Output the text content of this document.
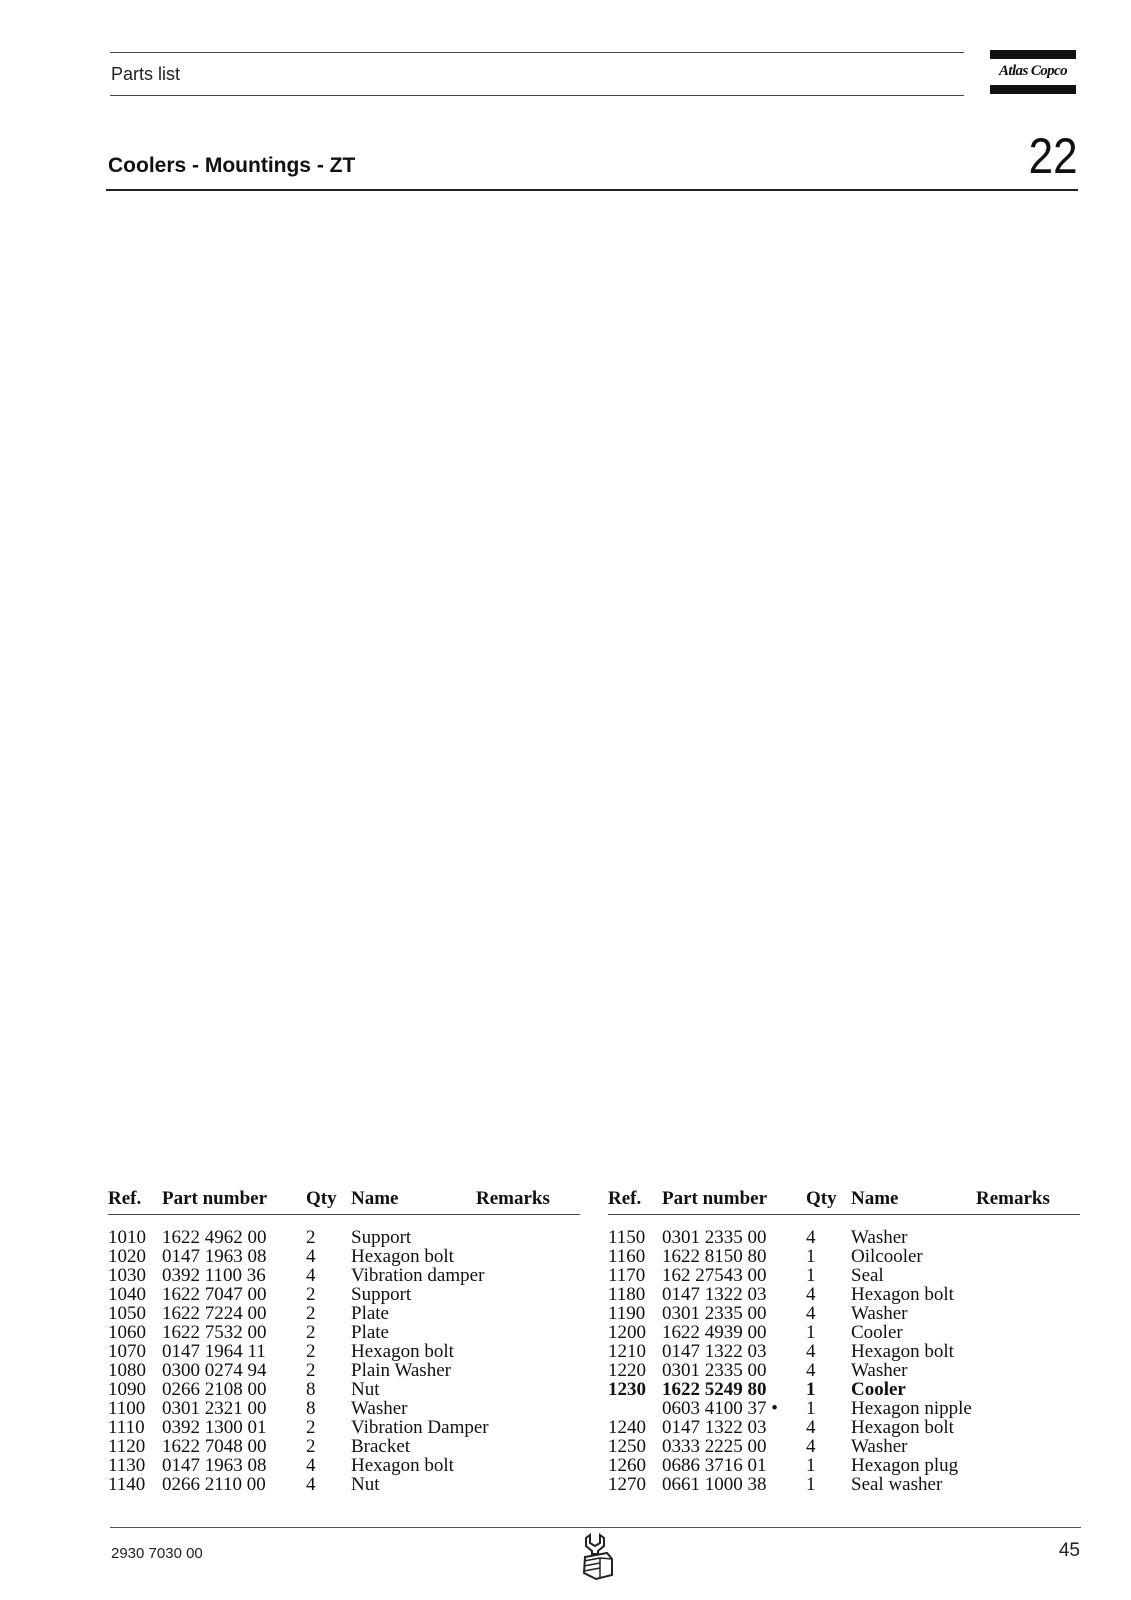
Parts list	Atlas Copco
Coolers - Mountings - ZT	22
Ref. Part number Qty Name	Remarks
1010 1622 4962 00 2 Support
1020 0147 1963 08 4 Hexagon bolt
1030 0392 1100 36 4 Vibration damper
1040 1622 7047 00 2 Support
1050 1622 7224 00 2 Plate
1060 1622 7532 00 2 Plate
1070 0147 1964 11 2 Hexagon bolt
1080 0300 0274 94 2 Plain Washer
1090 0266 2108 00 8 Nut
1100 0301 2321 00 8 Washer
1110 0392 1300 01 2 Vibration Damper
1120 1622 7048 00 2 Bracket
1130 0147 1963 08 4 Hexagon bolt
1140 0266 2110 00 4 Nut
Ref. Part number Qty Name	Remarks
1150 0301 2335 00 4 Washer
1160 1622 8150 80 1 Oilcooler
1170 162 27543 00 1 Seal
1180 0147 1322 03 4 Hexagon bolt
1190 0301 2335 00 4 Washer
1200 1622 4939 00 1 Cooler
1210 0147 1322 03 4 Hexagon bolt
1220 0301 2335 00 4 Washer
1230 1622 5249 80 1 Cooler
0603 4100 37 • 1 Hexagon nipple
1240 0147 1322 03 4 Hexagon bolt
1250 0333 2225 00 4 Washer
1260 0686 3716 01 1 Hexagon plug
1270 0661 1000 38 1 Seal washer
2930 7030 00	45
